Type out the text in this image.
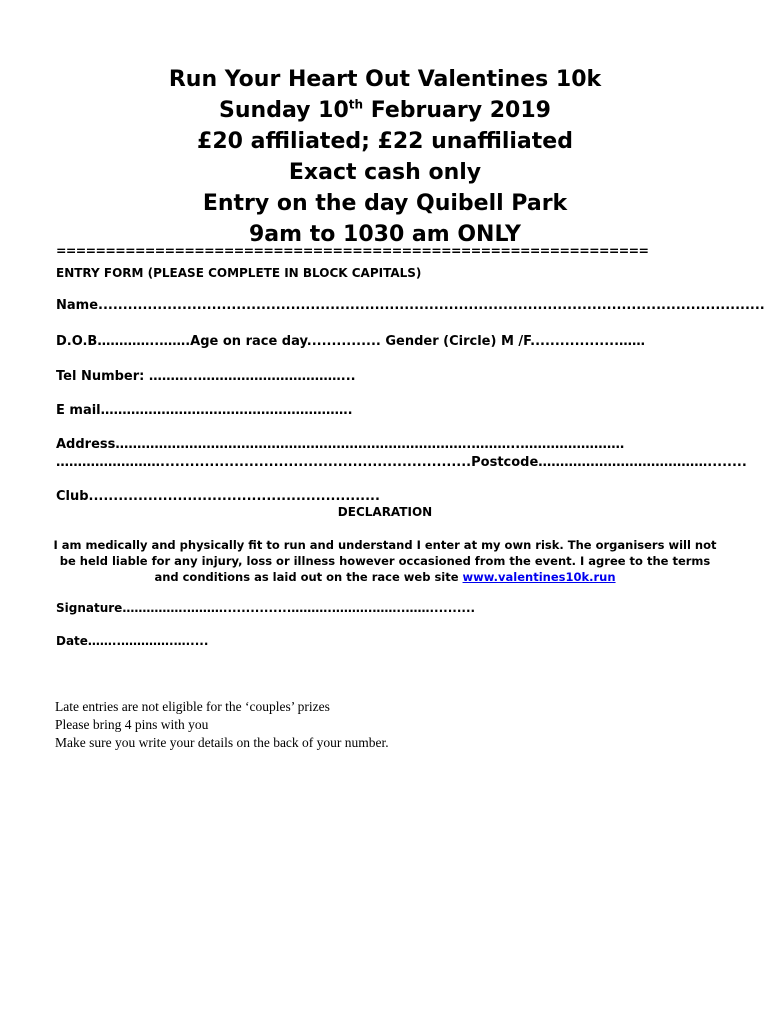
Run Your Heart Out Valentines 10k
Sunday 10th February 2019
£20 affiliated; £22 unaffiliated
Exact cash only
Entry on the day Quibell Park
9am to 1030 am ONLY
============================================================
ENTRY FORM (PLEASE COMPLETE IN BLOCK CAPITALS)
Name.......................................................................................................................................
D.O.B…………..…….Age on race day............... Gender (Circle) M /F..................……
Tel Number: ………..……………………………...
E mail………………………………………………….
Address……………………………………………………………………….………..……………………
……………………...............................................................Postcode…………………………………........
Club...........................................................
DECLARATION
I am medically and physically fit to run and understand I enter at my own risk. The organisers will not be held liable for any injury, loss or illness however occasioned from the event. I agree to the terms and conditions as laid out on the race web site www.valentines10k.run
Signature…………….………...............……….……….……..……..........
Date……..………….….....
Late entries are not eligible for the ‘couples’ prizes
Please bring 4 pins with you
Make sure you write your details on the back of your number.
